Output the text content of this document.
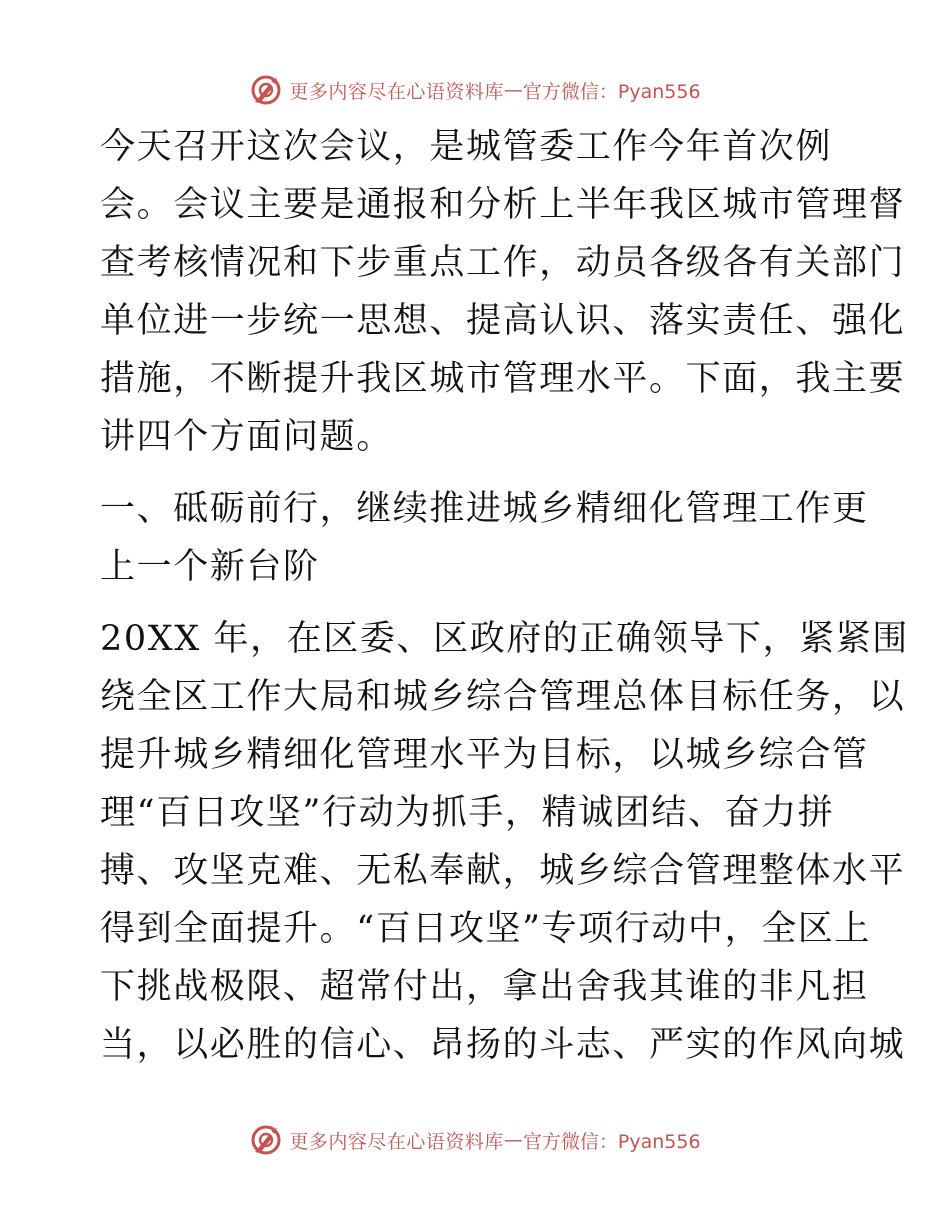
更多内容尽在心语资料库 — 官方微信：Pyan556

今天召开这次会议，是城管委工作今年首次例
会。会议主要是通报和分析上半年我区城市管理督
查考核情况和下步重点工作，动员各级各有关部门
单位进一步统一思想、提高认识、落实责任、强化
措施，不断提升我区城市管理水平。下面，我主要
讲四个方面问题。

一、砥砺前行，继续推进城乡精细化管理工作更
上一个新台阶

20XX 年，在区委、区政府的正确领导下，紧紧围
绕全区工作大局和城乡综合管理总体目标任务，以
提升城乡精细化管理水平为目标，以城乡综合管
理“百日攻坚”行动为抓手，精诚团结、奋力拼
搏、攻坚克难、无私奉献，城乡综合管理整体水平
得到全面提升。“百日攻坚”专项行动中，全区上
下挑战极限、超常付出，拿出舍我其谁的非凡担
当，以必胜的信心、昂扬的斗志、严实的作风向城

更多内容尽在心语资料库 — 官方微信：Pyan556
